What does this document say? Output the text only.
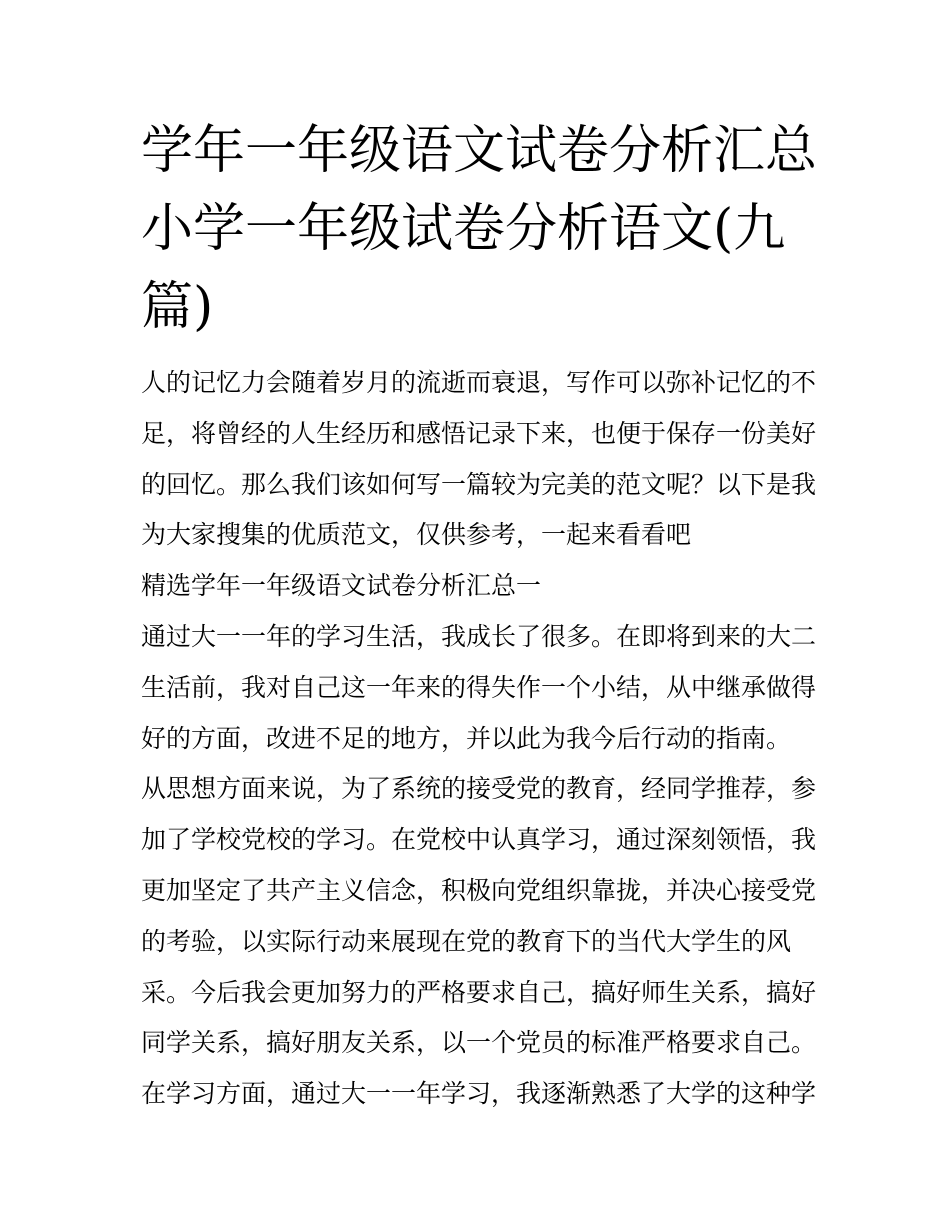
学年一年级语文试卷分析汇总
小学一年级试卷分析语文(九
篇)
人的记忆力会随着岁月的流逝而衰退，写作可以弥补记忆的不
足，将曾经的人生经历和感悟记录下来，也便于保存一份美好
的回忆。那么我们该如何写一篇较为完美的范文呢？以下是我
为大家搜集的优质范文，仅供参考，一起来看看吧
精选学年一年级语文试卷分析汇总一
通过大一一年的学习生活，我成长了很多。在即将到来的大二
生活前，我对自己这一年来的得失作一个小结，从中继承做得
好的方面，改进不足的地方，并以此为我今后行动的指南。
从思想方面来说，为了系统的接受党的教育，经同学推荐，参
加了学校党校的学习。在党校中认真学习，通过深刻领悟，我
更加坚定了共产主义信念，积极向党组织靠拢，并决心接受党
的考验，以实际行动来展现在党的教育下的当代大学生的风
采。今后我会更加努力的严格要求自己，搞好师生关系，搞好
同学关系，搞好朋友关系，以一个党员的标准严格要求自己。
在学习方面，通过大一一年学习，我逐渐熟悉了大学的这种学
